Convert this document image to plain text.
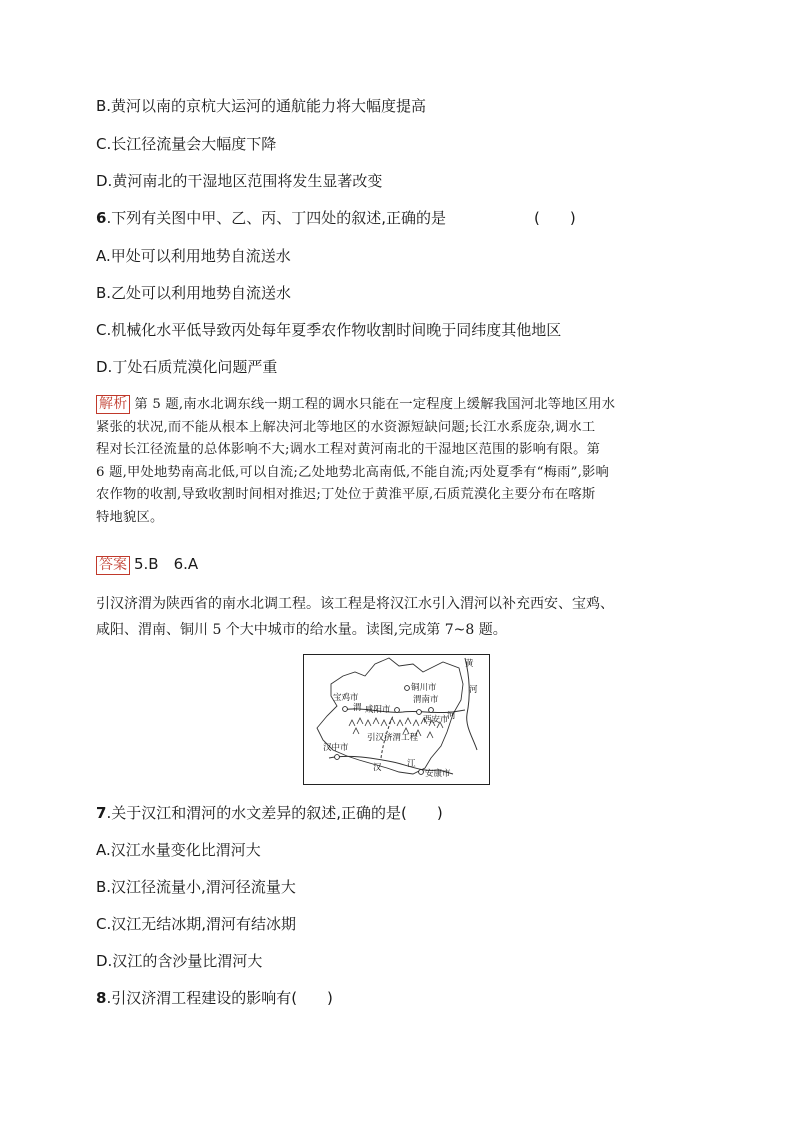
B.黄河以南的京杭大运河的通航能力将大幅度提高
C.长江径流量会大幅度下降
D.黄河南北的干湿地区范围将发生显著改变
6.下列有关图中甲、乙、丙、丁四处的叙述,正确的是	(　　)
A.甲处可以利用地势自流送水
B.乙处可以利用地势自流送水
C.机械化水平低导致丙处每年夏季农作物收割时间晚于同纬度其他地区
D.丁处石质荒漠化问题严重
解析 第 5 题,南水北调东线一期工程的调水只能在一定程度上缓解我国河北等地区用水
紧张的状况,而不能从根本上解决河北等地区的水资源短缺问题;长江水系庞杂,调水工
程对长江径流量的总体影响不大;调水工程对黄河南北的干湿地区范围的影响有限。第
6 题,甲处地势南高北低,可以自流;乙处地势北高南低,不能自流;丙处夏季有“梅雨”,影响
农作物的收割,导致收割时间相对推迟;丁处位于黄淮平原,石质荒漠化主要分布在喀斯
特地貌区。
答案 5.B　6.A
引汉济渭为陕西省的南水北调工程。该工程是将汉江水引入渭河以补充西安、宝鸡、
咸阳、渭南、铜川 5 个大中城市的给水量。读图,完成第 7~8 题。
黄
河
铜川市
渭南市
宝鸡市
渭 咸阳市
西安市
河
引汉济渭工程
汉中市
汉	江
安康市
7.关于汉江和渭河的水文差异的叙述,正确的是(　　)
A.汉江水量变化比渭河大
B.汉江径流量小,渭河径流量大
C.汉江无结冰期,渭河有结冰期
D.汉江的含沙量比渭河大
8.引汉济渭工程建设的影响有(　　)
